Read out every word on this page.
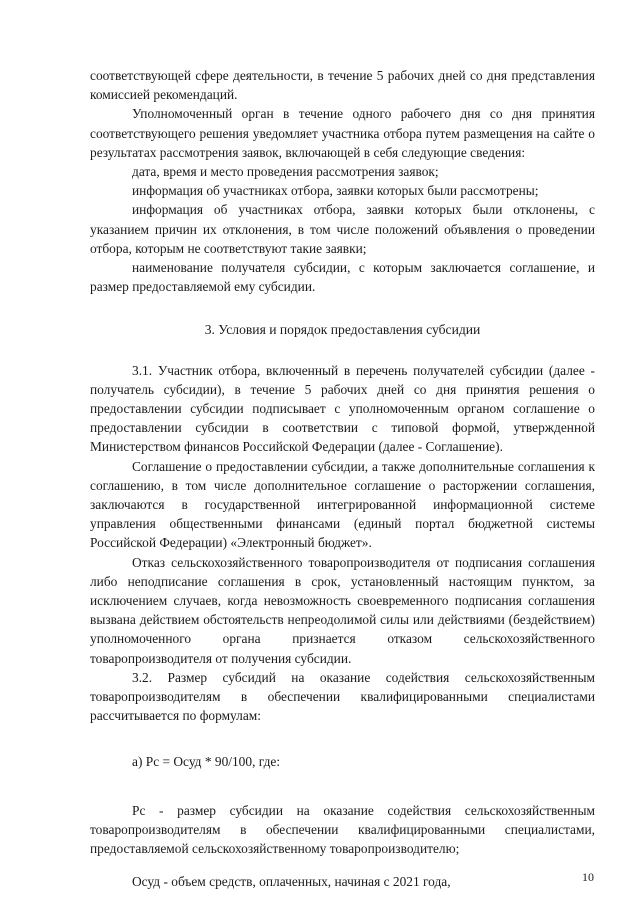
соответствующей сфере деятельности, в течение 5 рабочих дней со дня представления комиссией рекомендаций.

Уполномоченный орган в течение одного рабочего дня со дня принятия соответствующего решения уведомляет участника отбора путем размещения на сайте о результатах рассмотрения заявок, включающей в себя следующие сведения:

дата, время и место проведения рассмотрения заявок;

информация об участниках отбора, заявки которых были рассмотрены;

информация об участниках отбора, заявки которых были отклонены, с указанием причин их отклонения, в том числе положений объявления о проведении отбора, которым не соответствуют такие заявки;

наименование получателя субсидии, с которым заключается соглашение, и размер предоставляемой ему субсидии.

3. Условия и порядок предоставления субсидии

3.1. Участник отбора, включенный в перечень получателей субсидии (далее - получатель субсидии), в течение 5 рабочих дней со дня принятия решения о предоставлении субсидии подписывает с уполномоченным органом соглашение о предоставлении субсидии в соответствии с типовой формой, утвержденной Министерством финансов Российской Федерации (далее - Соглашение).

Соглашение о предоставлении субсидии, а также дополнительные соглашения к соглашению, в том числе дополнительное соглашение о расторжении соглашения, заключаются в государственной интегрированной информационной системе управления общественными финансами (единый портал бюджетной системы Российской Федерации) «Электронный бюджет».

Отказ сельскохозяйственного товаропроизводителя от подписания соглашения либо неподписание соглашения в срок, установленный настоящим пунктом, за исключением случаев, когда невозможность своевременного подписания соглашения вызвана действием обстоятельств непреодолимой силы или действиями (бездействием) уполномоченного органа признается отказом сельскохозяйственного товаропроизводителя от получения субсидии.

3.2. Размер субсидий на оказание содействия сельскохозяйственным товаропроизводителям в обеспечении квалифицированными специалистами рассчитывается по формулам:

а) Рс = Осуд * 90/100, где:

Рс - размер субсидии на оказание содействия сельскохозяйственным товаропроизводителям в обеспечении квалифицированными специалистами, предоставляемой сельскохозяйственному товаропроизводителю;

Осуд - объем средств, оплаченных, начиная с 2021 года,	10
